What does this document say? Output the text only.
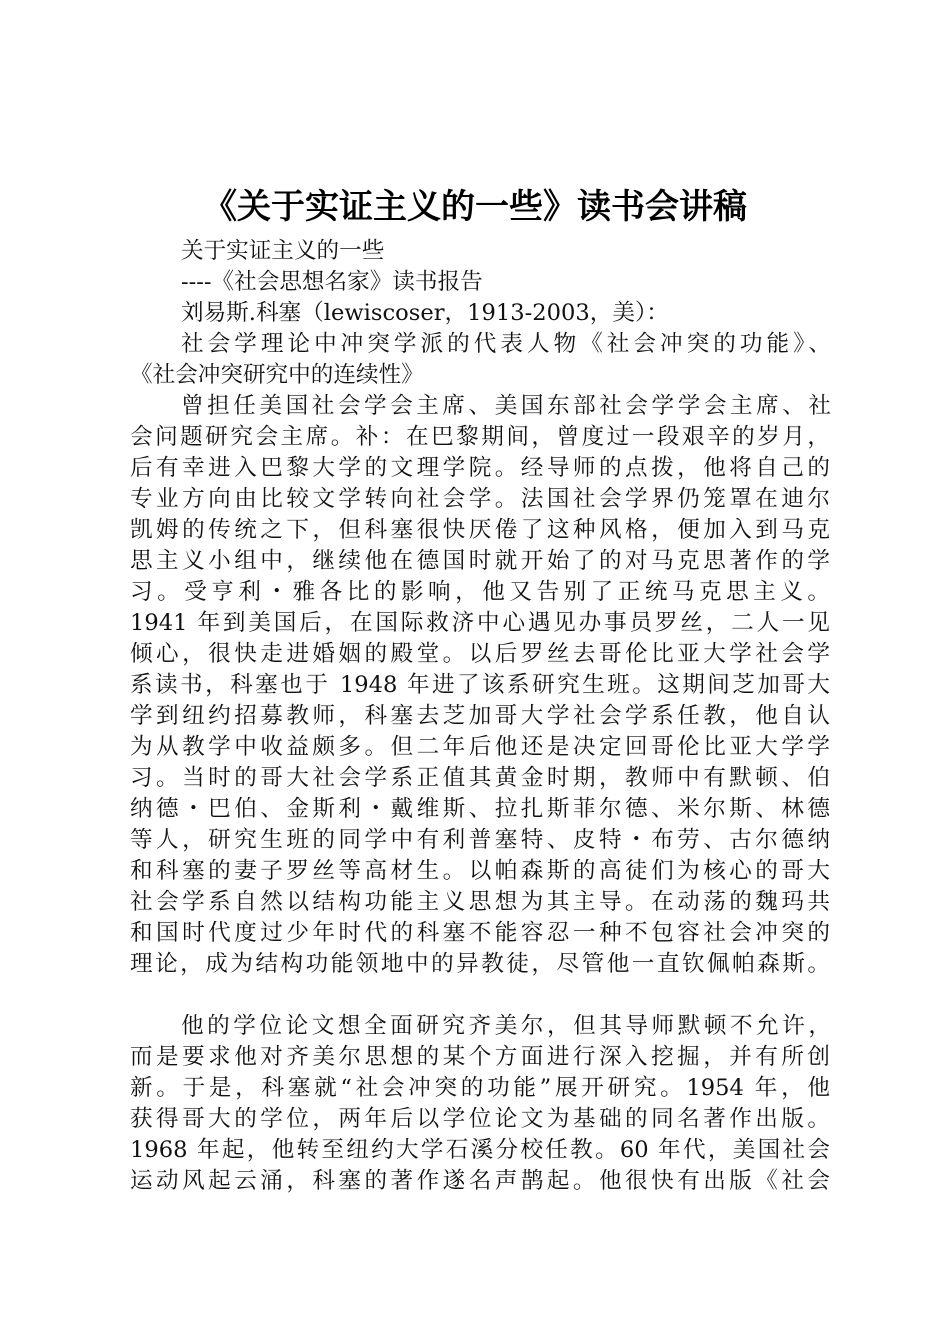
《关于实证主义的一些》读书会讲稿
关于实证主义的一些
----《社会思想名家》读书报告
刘易斯.科塞（lewiscoser，1913-2003，美）：
社会学理论中冲突学派的代表人物《社会冲突的功能》、
《社会冲突研究中的连续性》
曾担任美国社会学会主席、美国东部社会学学会主席、社
会问题研究会主席。补：在巴黎期间，曾度过一段艰辛的岁月，
后有幸进入巴黎大学的文理学院。经导师的点拨，他将自己的
专业方向由比较文学转向社会学。法国社会学界仍笼罩在迪尔
凯姆的传统之下，但科塞很快厌倦了这种风格，便加入到马克
思主义小组中，继续他在德国时就开始了的对马克思著作的学
习。受亨利・雅各比的影响，他又告别了正统马克思主义。
1941 年到美国后，在国际救济中心遇见办事员罗丝，二人一见
倾心，很快走进婚姻的殿堂。以后罗丝去哥伦比亚大学社会学
系读书，科塞也于 1948 年进了该系研究生班。这期间芝加哥大
学到纽约招募教师，科塞去芝加哥大学社会学系任教，他自认
为从教学中收益颇多。但二年后他还是决定回哥伦比亚大学学
习。当时的哥大社会学系正值其黄金时期，教师中有默顿、伯
纳德・巴伯、金斯利・戴维斯、拉扎斯菲尔德、米尔斯、林德
等人，研究生班的同学中有利普塞特、皮特・布劳、古尔德纳
和科塞的妻子罗丝等高材生。以帕森斯的高徒们为核心的哥大
社会学系自然以结构功能主义思想为其主导。在动荡的魏玛共
和国时代度过少年时代的科塞不能容忍一种不包容社会冲突的
理论，成为结构功能领地中的异教徒，尽管他一直钦佩帕森斯。
他的学位论文想全面研究齐美尔，但其导师默顿不允许，
而是要求他对齐美尔思想的某个方面进行深入挖掘，并有所创
新。于是，科塞就“社会冲突的功能”展开研究。1954 年，他
获得哥大的学位，两年后以学位论文为基础的同名著作出版。
1968 年起，他转至纽约大学石溪分校任教。60 年代，美国社会
运动风起云涌，科塞的著作遂名声鹊起。他很快有出版《社会
